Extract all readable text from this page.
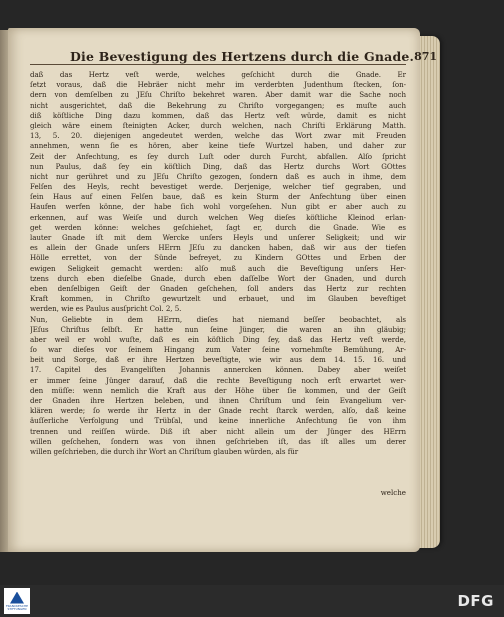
Die Bevestigung des Hertzens durch die Gnade. 871
daß das Hertz veſt werde, welches geſchicht durch die Gnade. Er
ſetzt voraus, daß die Hebräer nicht mehr im verderbten Judenthum ſtecken, ſon-
dern von demſelben zu JEſu Chriſto bekehret waren. Aber damit war die Sache noch
nicht ausgerichtet, daß die Bekehrung zu Chriſto vorgegangen; es muſte auch
diß köſtliche Ding dazu kommen, daß das Hertz veſt würde, damit es nicht
gleich wäre einem ſteinigten Acker, durch welchen, nach Chriſti Erklärung Matth.
13, 5. 20. diejenigen angedeutet werden, welche das Wort zwar mit Freuden
annehmen, wenn ſie es hören, aber keine tiefe Wurtzel haben, und daher zur
Zeit der Anfechtung, es ſey durch Luſt oder durch Furcht, abfallen. Alſo ſpricht
nun Paulus, daß ſey ein köſtlich Ding, daß das Hertz durchs Wort GOttes
nicht nur gerühret und zu JEſu Chriſto gezogen, ſondern daß es auch in ihme, dem
Felſen des Heyls, recht bevestiget werde. Derjenige, welcher tief gegraben, und
ſein Haus auf einen Felſen baue, daß es kein Sturm der Anfechtung über einen
Haufen werfen könne, der habe ſich wohl vorgeſehen. Nun gibt er aber auch zu
erkennen, auf was Weiſe und durch welchen Weg dieſes köſtliche Kleinod erlan-
get werden könne: welches geſchiehet, ſagt er, durch die Gnade. Wie es
lauter Gnade iſt mit dem Wercke unſers Heyls und unſerer Seligkeit; und wir
es allein der Gnade unſers HErrn JEſu zu dancken haben, daß wir aus der tiefen
Hölle errettet, von der Sünde befreyet, zu Kindern GOttes und Erben der
ewigen Seligkeit gemacht werden: alſo muß auch die Beveſtigung unſers Her-
tzens durch eben dieſelbe Gnade, durch eben daſſelbe Wort der Gnaden, und durch
eben denſelbigen Geiſt der Gnaden geſchehen, ſoll anders das Hertz zur rechten
Kraft kommen, in Chriſto gewurtzelt und erbauet, und im Glauben beveſtiget
werden, wie es Paulus ausſpricht Col. 2, 5.
Nun, Geliebte in dem HErrn, dieſes hat niemand beſſer beobachtet, als
JEſus Chriſtus ſelbſt. Er hatte nun ſeine Jünger, die waren an ihn gläubig;
aber weil er wohl wuſte, daß es ein köſtlich Ding ſey, daß das Hertz veſt werde,
ſo war dieſes vor ſeinem Hingang zum Vater ſeine vornehmſte Bemühung, Ar-
beit und Sorge, daß er ihre Hertzen beveſtigte, wie wir aus dem 14. 15. 16. und
17. Capitel des Evangeliſten Johannis annercken können. Dabey aber weiſet
er immer ſeine Jünger darauf, daß die rechte Beveſtigung noch erſt erwartet wer-
den müſſe: wenn nemlich die Kraft aus der Höhe über ſie kommen, und der Geiſt
der Gnaden ihre Hertzen beleben, und ihnen Chriſtum und ſein Evangelium ver-
klären werde; ſo werde ihr Hertz in der Gnade recht ſtarck werden, alſo, daß keine
äuſſerliche Verfolgung und Trübſal, und keine innerliche Anfechtung ſie von ihm
trennen und reiſſen würde. Diß iſt aber nicht allein um der Jünger des HErrn
willen geſchehen, ſondern was von ihnen geſchrieben iſt, das iſt alles um derer
willen geſchrieben, die durch ihr Wort an Chriſtum glauben würden, als für
welche
FRANCKESCHE STIFTUNGEN	DFG
